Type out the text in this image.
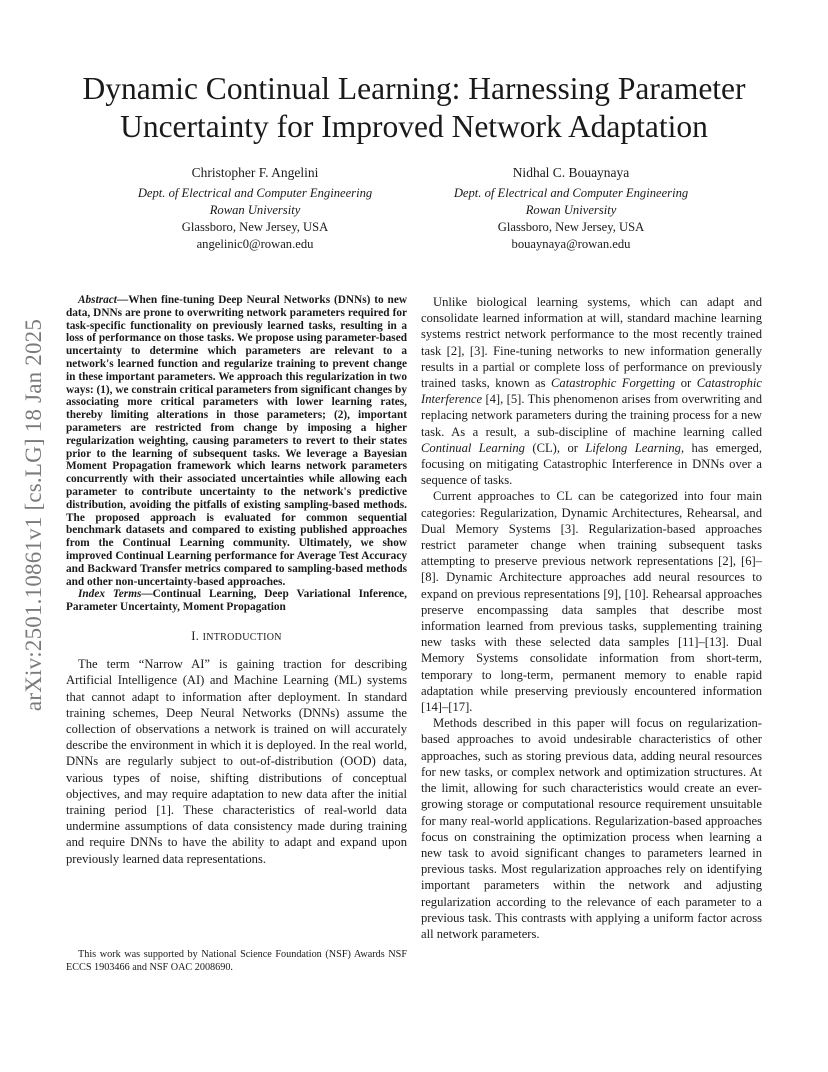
arXiv:2501.10861v1 [cs.LG] 18 Jan 2025
Dynamic Continual Learning: Harnessing Parameter Uncertainty for Improved Network Adaptation
Christopher F. Angelini
Dept. of Electrical and Computer Engineering
Rowan University
Glassboro, New Jersey, USA
angelinic0@rowan.edu
Nidhal C. Bouaynaya
Dept. of Electrical and Computer Engineering
Rowan University
Glassboro, New Jersey, USA
bouaynaya@rowan.edu

Abstract—When fine-tuning Deep Neural Networks (DNNs) to new data, DNNs are prone to overwriting network parameters required for task-specific functionality on previously learned tasks, resulting in a loss of performance on those tasks. We propose using parameter-based uncertainty to determine which parameters are relevant to a network's learned function and regularize training to prevent change in these important parameters. We approach this regularization in two ways: (1), we constrain critical parameters from significant changes by associating more critical parameters with lower learning rates, thereby limiting alterations in those parameters; (2), important parameters are restricted from change by imposing a higher regularization weighting, causing parameters to revert to their states prior to the learning of subsequent tasks. We leverage a Bayesian Moment Propagation framework which learns network parameters concurrently with their associated uncertainties while allowing each parameter to contribute uncertainty to the network's predictive distribution, avoiding the pitfalls of existing sampling-based methods. The proposed approach is evaluated for common sequential benchmark datasets and compared to existing published approaches from the Continual Learning community. Ultimately, we show improved Continual Learning performance for Average Test Accuracy and Backward Transfer metrics compared to sampling-based methods and other non-uncertainty-based approaches.

Index Terms—Continual Learning, Deep Variational Inference, Parameter Uncertainty, Moment Propagation

I. INTRODUCTION

The term “Narrow AI” is gaining traction for describing Artificial Intelligence (AI) and Machine Learning (ML) systems that cannot adapt to information after deployment. In standard training schemes, Deep Neural Networks (DNNs) assume the collection of observations a network is trained on will accurately describe the environment in which it is deployed. In the real world, DNNs are regularly subject to out-of-distribution (OOD) data, various types of noise, shifting distributions of conceptual objectives, and may require adaptation to new data after the initial training period [1]. These characteristics of real-world data undermine assumptions of data consistency made during training and require DNNs to have the ability to adapt and expand upon previously learned data representations.

This work was supported by National Science Foundation (NSF) Awards NSF ECCS 1903466 and NSF OAC 2008690.

Unlike biological learning systems, which can adapt and consolidate learned information at will, standard machine learning systems restrict network performance to the most recently trained task [2], [3]. Fine-tuning networks to new information generally results in a partial or complete loss of performance on previously trained tasks, known as Catastrophic Forgetting or Catastrophic Interference [4], [5]. This phenomenon arises from overwriting and replacing network parameters during the training process for a new task. As a result, a sub-discipline of machine learning called Continual Learning (CL), or Lifelong Learning, has emerged, focusing on mitigating Catastrophic Interference in DNNs over a sequence of tasks.

Current approaches to CL can be categorized into four main categories: Regularization, Dynamic Architectures, Rehearsal, and Dual Memory Systems [3]. Regularization-based approaches restrict parameter change when training subsequent tasks attempting to preserve previous network representations [2], [6]–[8]. Dynamic Architecture approaches add neural resources to expand on previous representations [9], [10]. Rehearsal approaches preserve encompassing data samples that describe most information learned from previous tasks, supplementing training new tasks with these selected data samples [11]–[13]. Dual Memory Systems consolidate information from short-term, temporary to long-term, permanent memory to enable rapid adaptation while preserving previously encountered information [14]–[17].

Methods described in this paper will focus on regularization-based approaches to avoid undesirable characteristics of other approaches, such as storing previous data, adding neural resources for new tasks, or complex network and optimization structures. At the limit, allowing for such characteristics would create an ever-growing storage or computational resource requirement unsuitable for many real-world applications. Regularization-based approaches focus on constraining the optimization process when learning a new task to avoid significant changes to parameters learned in previous tasks. Most regularization approaches rely on identifying important parameters within the network and adjusting regularization according to the relevance of each parameter to a previous task. This contrasts with applying a uniform factor across all network parameters.
